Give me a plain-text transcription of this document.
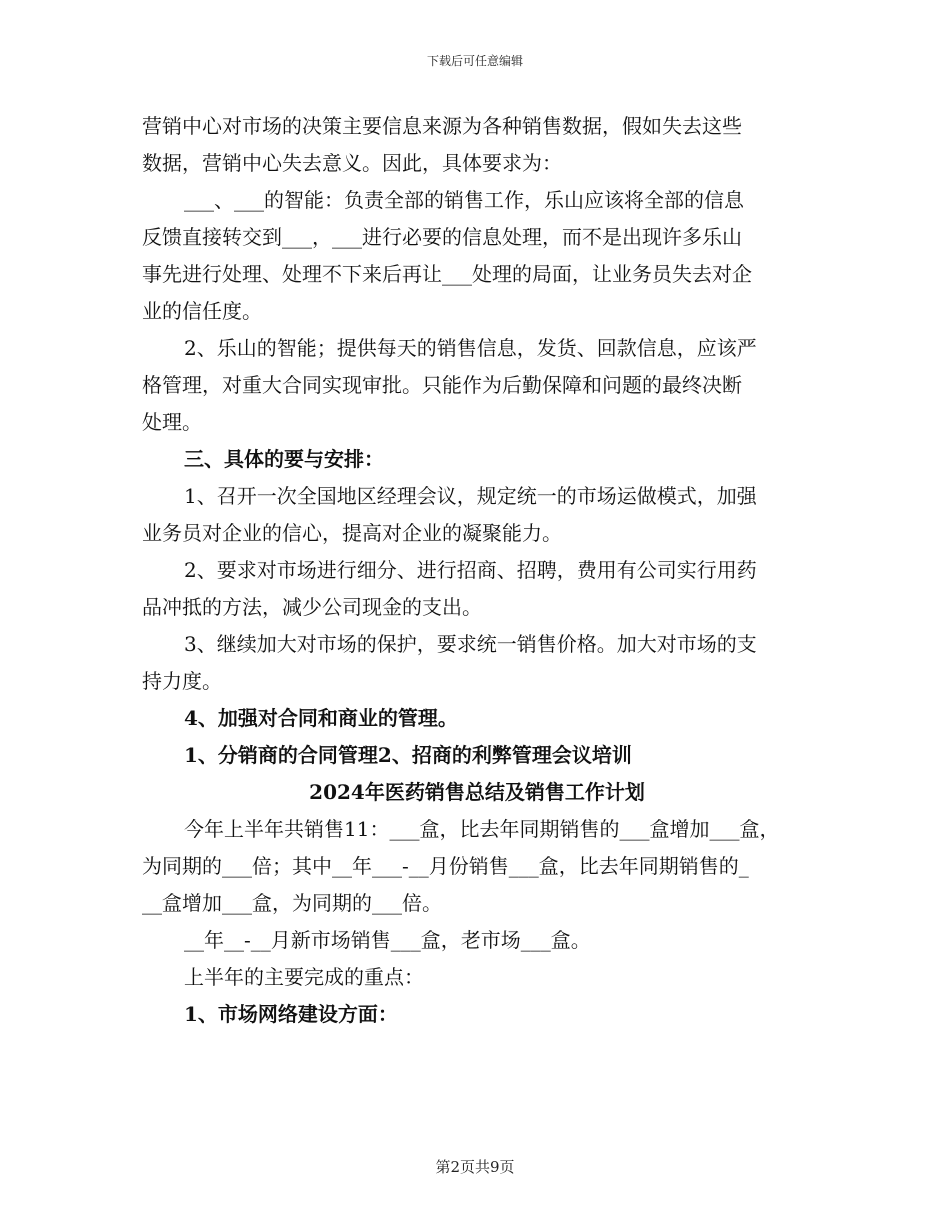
下载后可任意编辑
营销中心对市场的决策主要信息来源为各种销售数据，假如失去这些
数据，营销中心失去意义。因此，具体要求为：
___、___的智能：负责全部的销售工作，乐山应该将全部的信息
反馈直接转交到___，___进行必要的信息处理，而不是出现许多乐山
事先进行处理、处理不下来后再让___处理的局面，让业务员失去对企
业的信任度。
2、乐山的智能；提供每天的销售信息，发货、回款信息，应该严
格管理，对重大合同实现审批。只能作为后勤保障和问题的最终决断
处理。
三、具体的要与安排：
1、召开一次全国地区经理会议，规定统一的市场运做模式，加强
业务员对企业的信心，提高对企业的凝聚能力。
2、要求对市场进行细分、进行招商、招聘，费用有公司实行用药
品冲抵的方法，减少公司现金的支出。
3、继续加大对市场的保护，要求统一销售价格。加大对市场的支
持力度。
4、加强对合同和商业的管理。
1、分销商的合同管理2、招商的利弊管理会议培训
2024年医药销售总结及销售工作计划
今年上半年共销售11：___盒，比去年同期销售的___盒增加___盒，
为同期的___倍；其中__年___-__月份销售___盒，比去年同期销售的_
__盒增加___盒，为同期的___倍。
__年__-__月新市场销售___盒，老市场___盒。
上半年的主要完成的重点：
1、市场网络建设方面：
第2页共9页
